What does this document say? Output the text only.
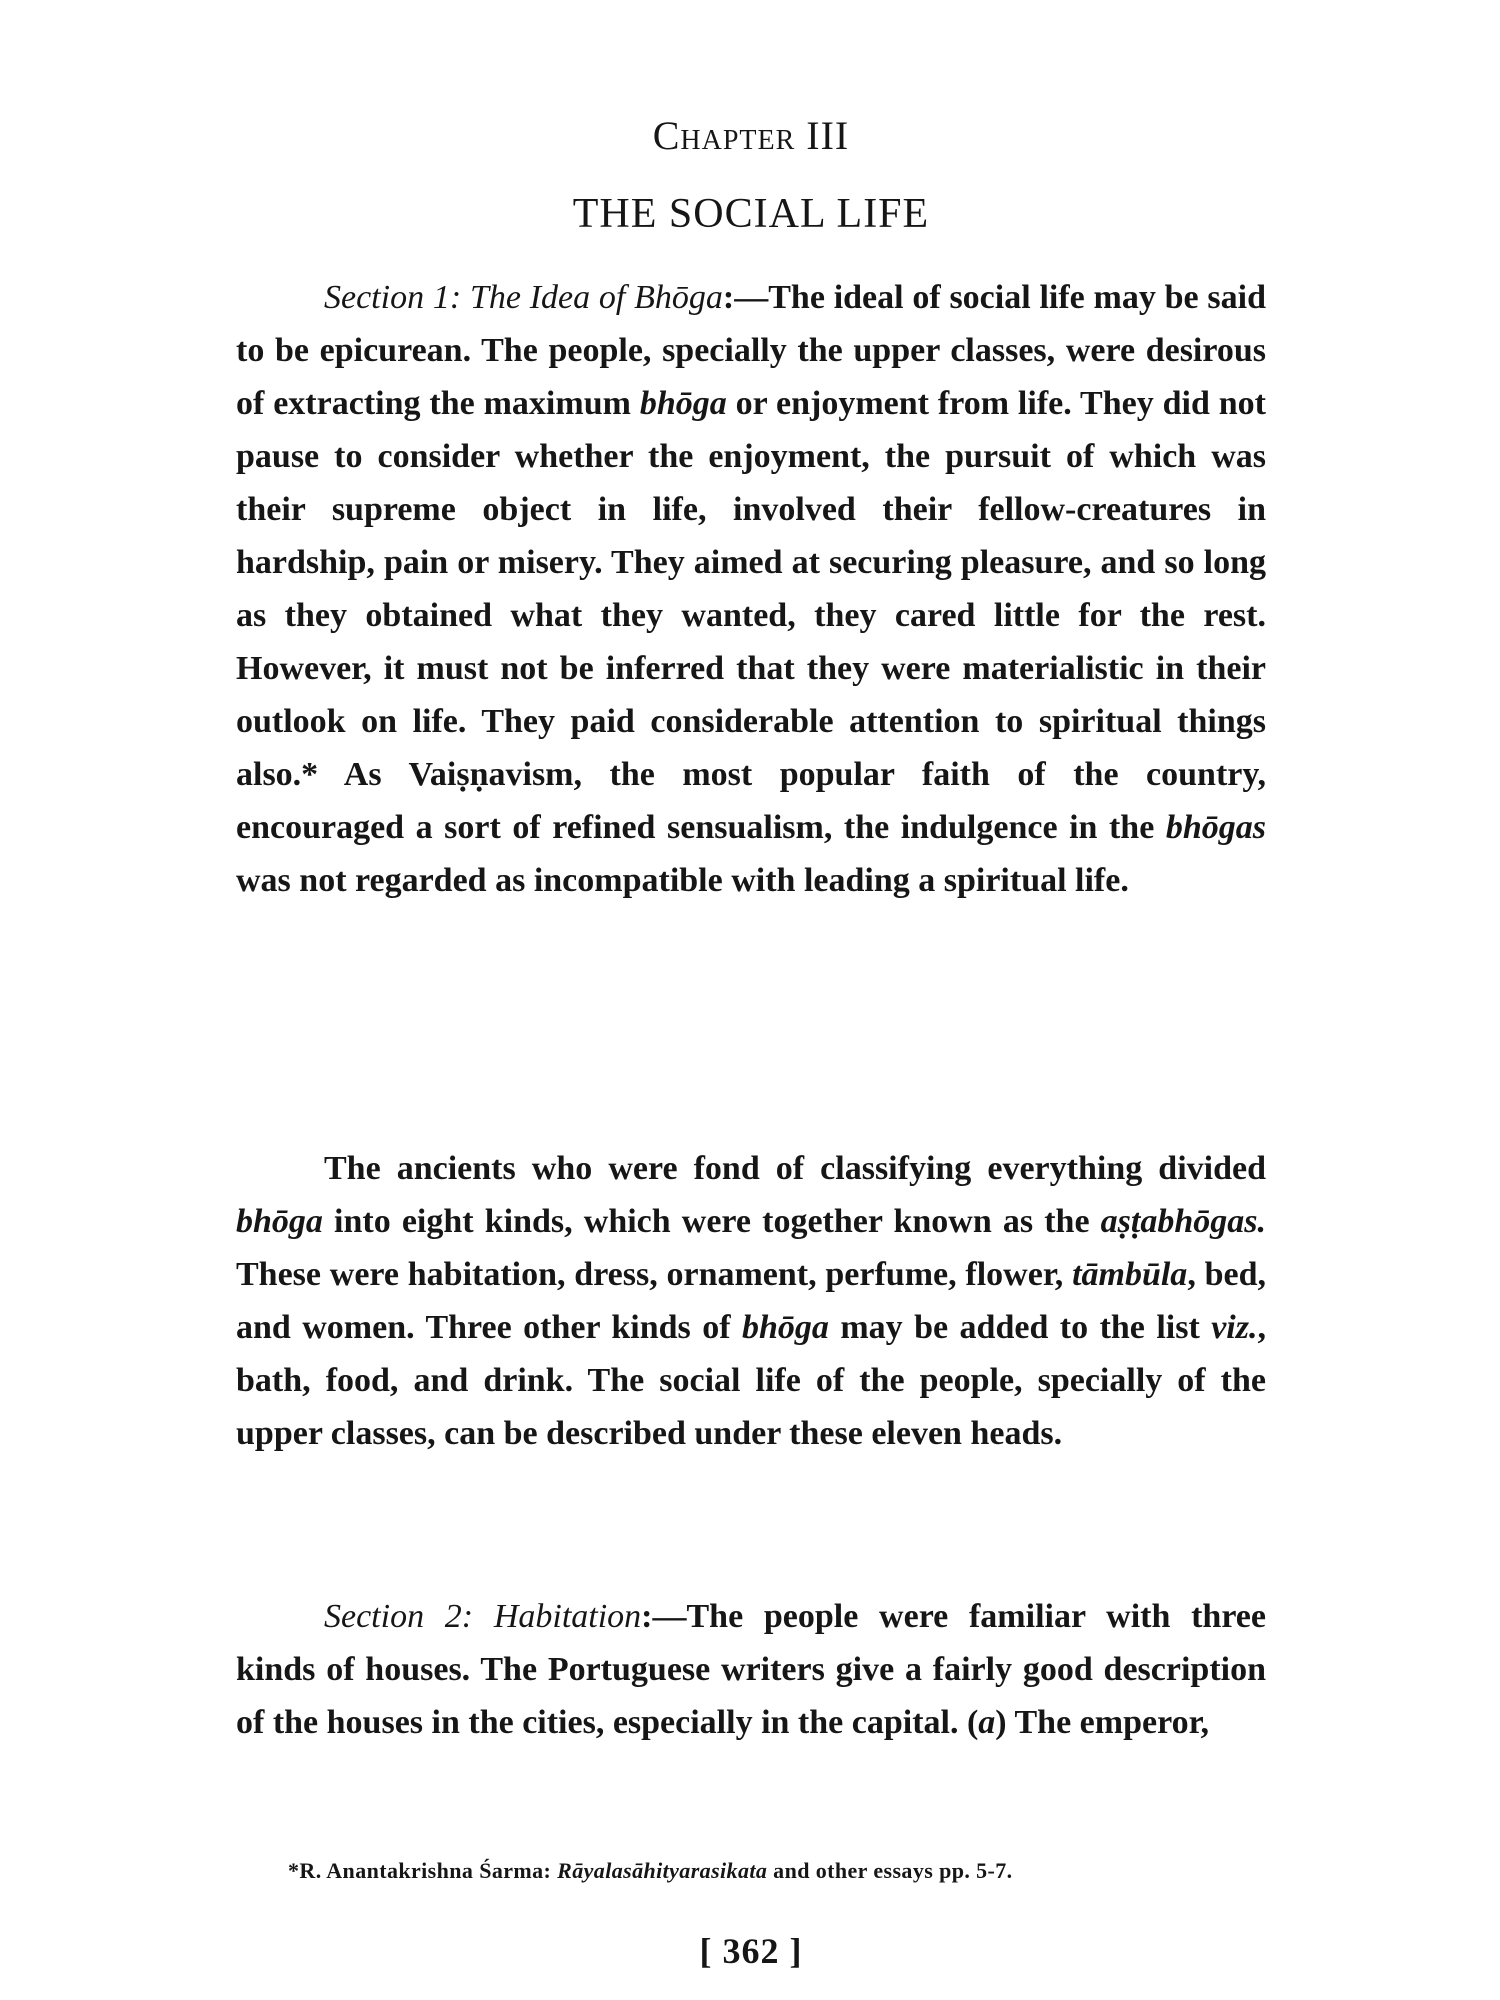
Chapter III
THE SOCIAL LIFE

Section 1: The Idea of Bhōga:—The ideal of social life may be said to be epicurean. The people, specially the upper classes, were desirous of extracting the maximum bhōga or enjoyment from life. They did not pause to consider whether the enjoyment, the pursuit of which was their supreme object in life, involved their fellow-creatures in hardship, pain or misery. They aimed at securing pleasure, and so long as they obtained what they wanted, they cared little for the rest. However, it must not be inferred that they were materialistic in their outlook on life. They paid considerable attention to spiritual things also.* As Vaiṣṇavism, the most popular faith of the country, encouraged a sort of refined sensualism, the indulgence in the bhōgas was not regarded as incompatible with leading a spiritual life.

The ancients who were fond of classifying everything divided bhōga into eight kinds, which were together known as the aṣṭabhōgas. These were habitation, dress, ornament, perfume, flower, tāmbūla, bed, and women. Three other kinds of bhōga may be added to the list viz., bath, food, and drink. The social life of the people, specially of the upper classes, can be described under these eleven heads.

Section 2: Habitation:—The people were familiar with three kinds of houses. The Portuguese writers give a fairly good description of the houses in the cities, especially in the capital. (a) The emperor,

*R. Anantakrishna Śarma: Rāyalasāhityarasikata and other essays pp. 5-7.
[ 362 ]
